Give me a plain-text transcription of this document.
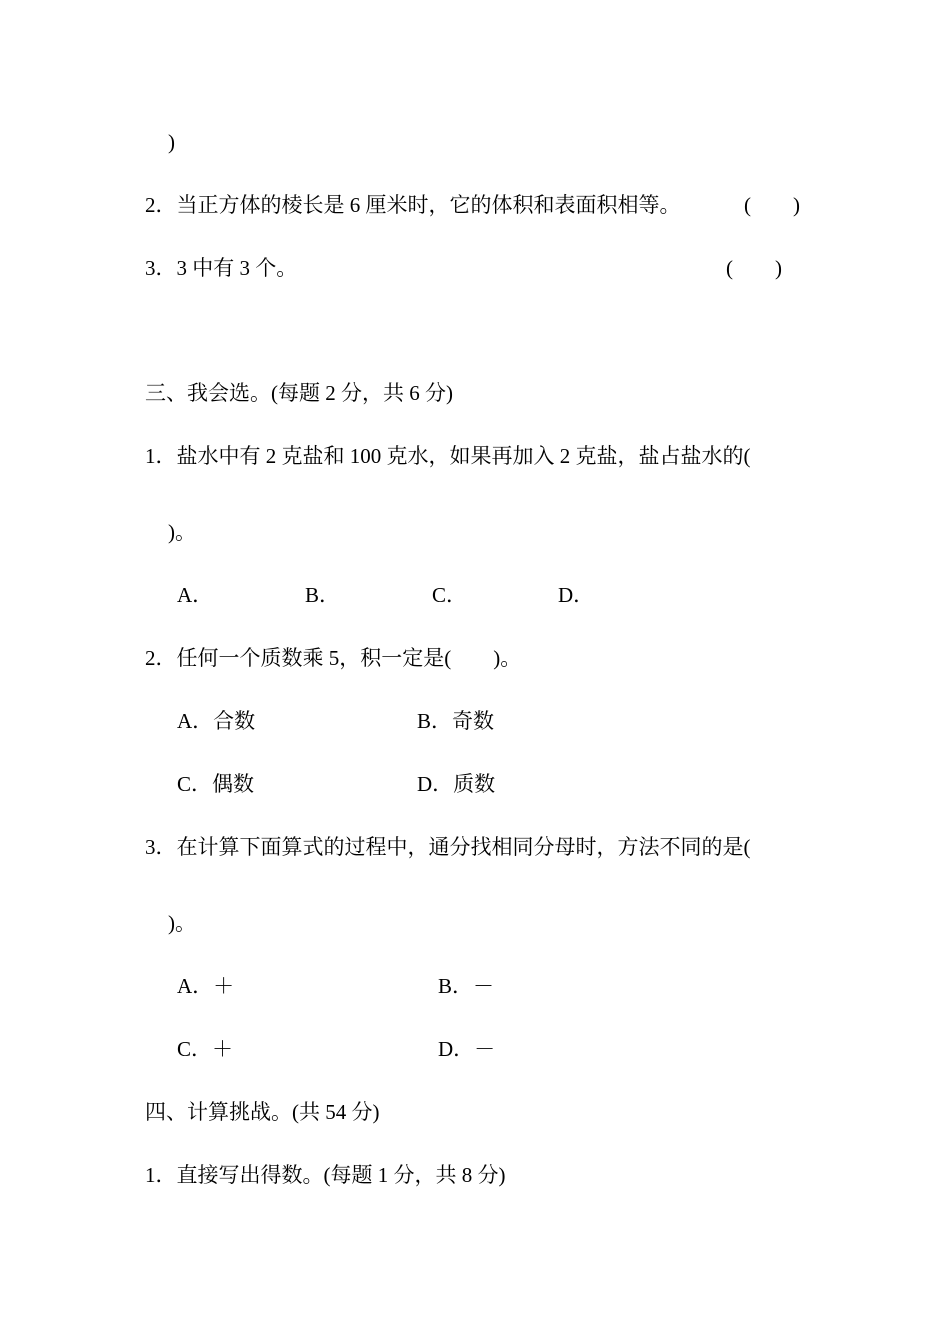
)
2．当正方体的棱长是 6 厘米时，它的体积和表面积相等。	(　　)
3．3 中有 3 个。	(　　)
三、我会选。(每题 2 分，共 6 分)
1．盐水中有 2 克盐和 100 克水，如果再加入 2 克盐，盐占盐水的(
)。
A．	B．	C．	D．
2．任何一个质数乘 5，积一定是(　　)。
A．合数	B．奇数
C．偶数	D．质数
3．在计算下面算式的过程中，通分找相同分母时，方法不同的是(
)。
A．＋	B．－
C．＋	D．－
四、计算挑战。(共 54 分)
1．直接写出得数。(每题 1 分，共 8 分)
